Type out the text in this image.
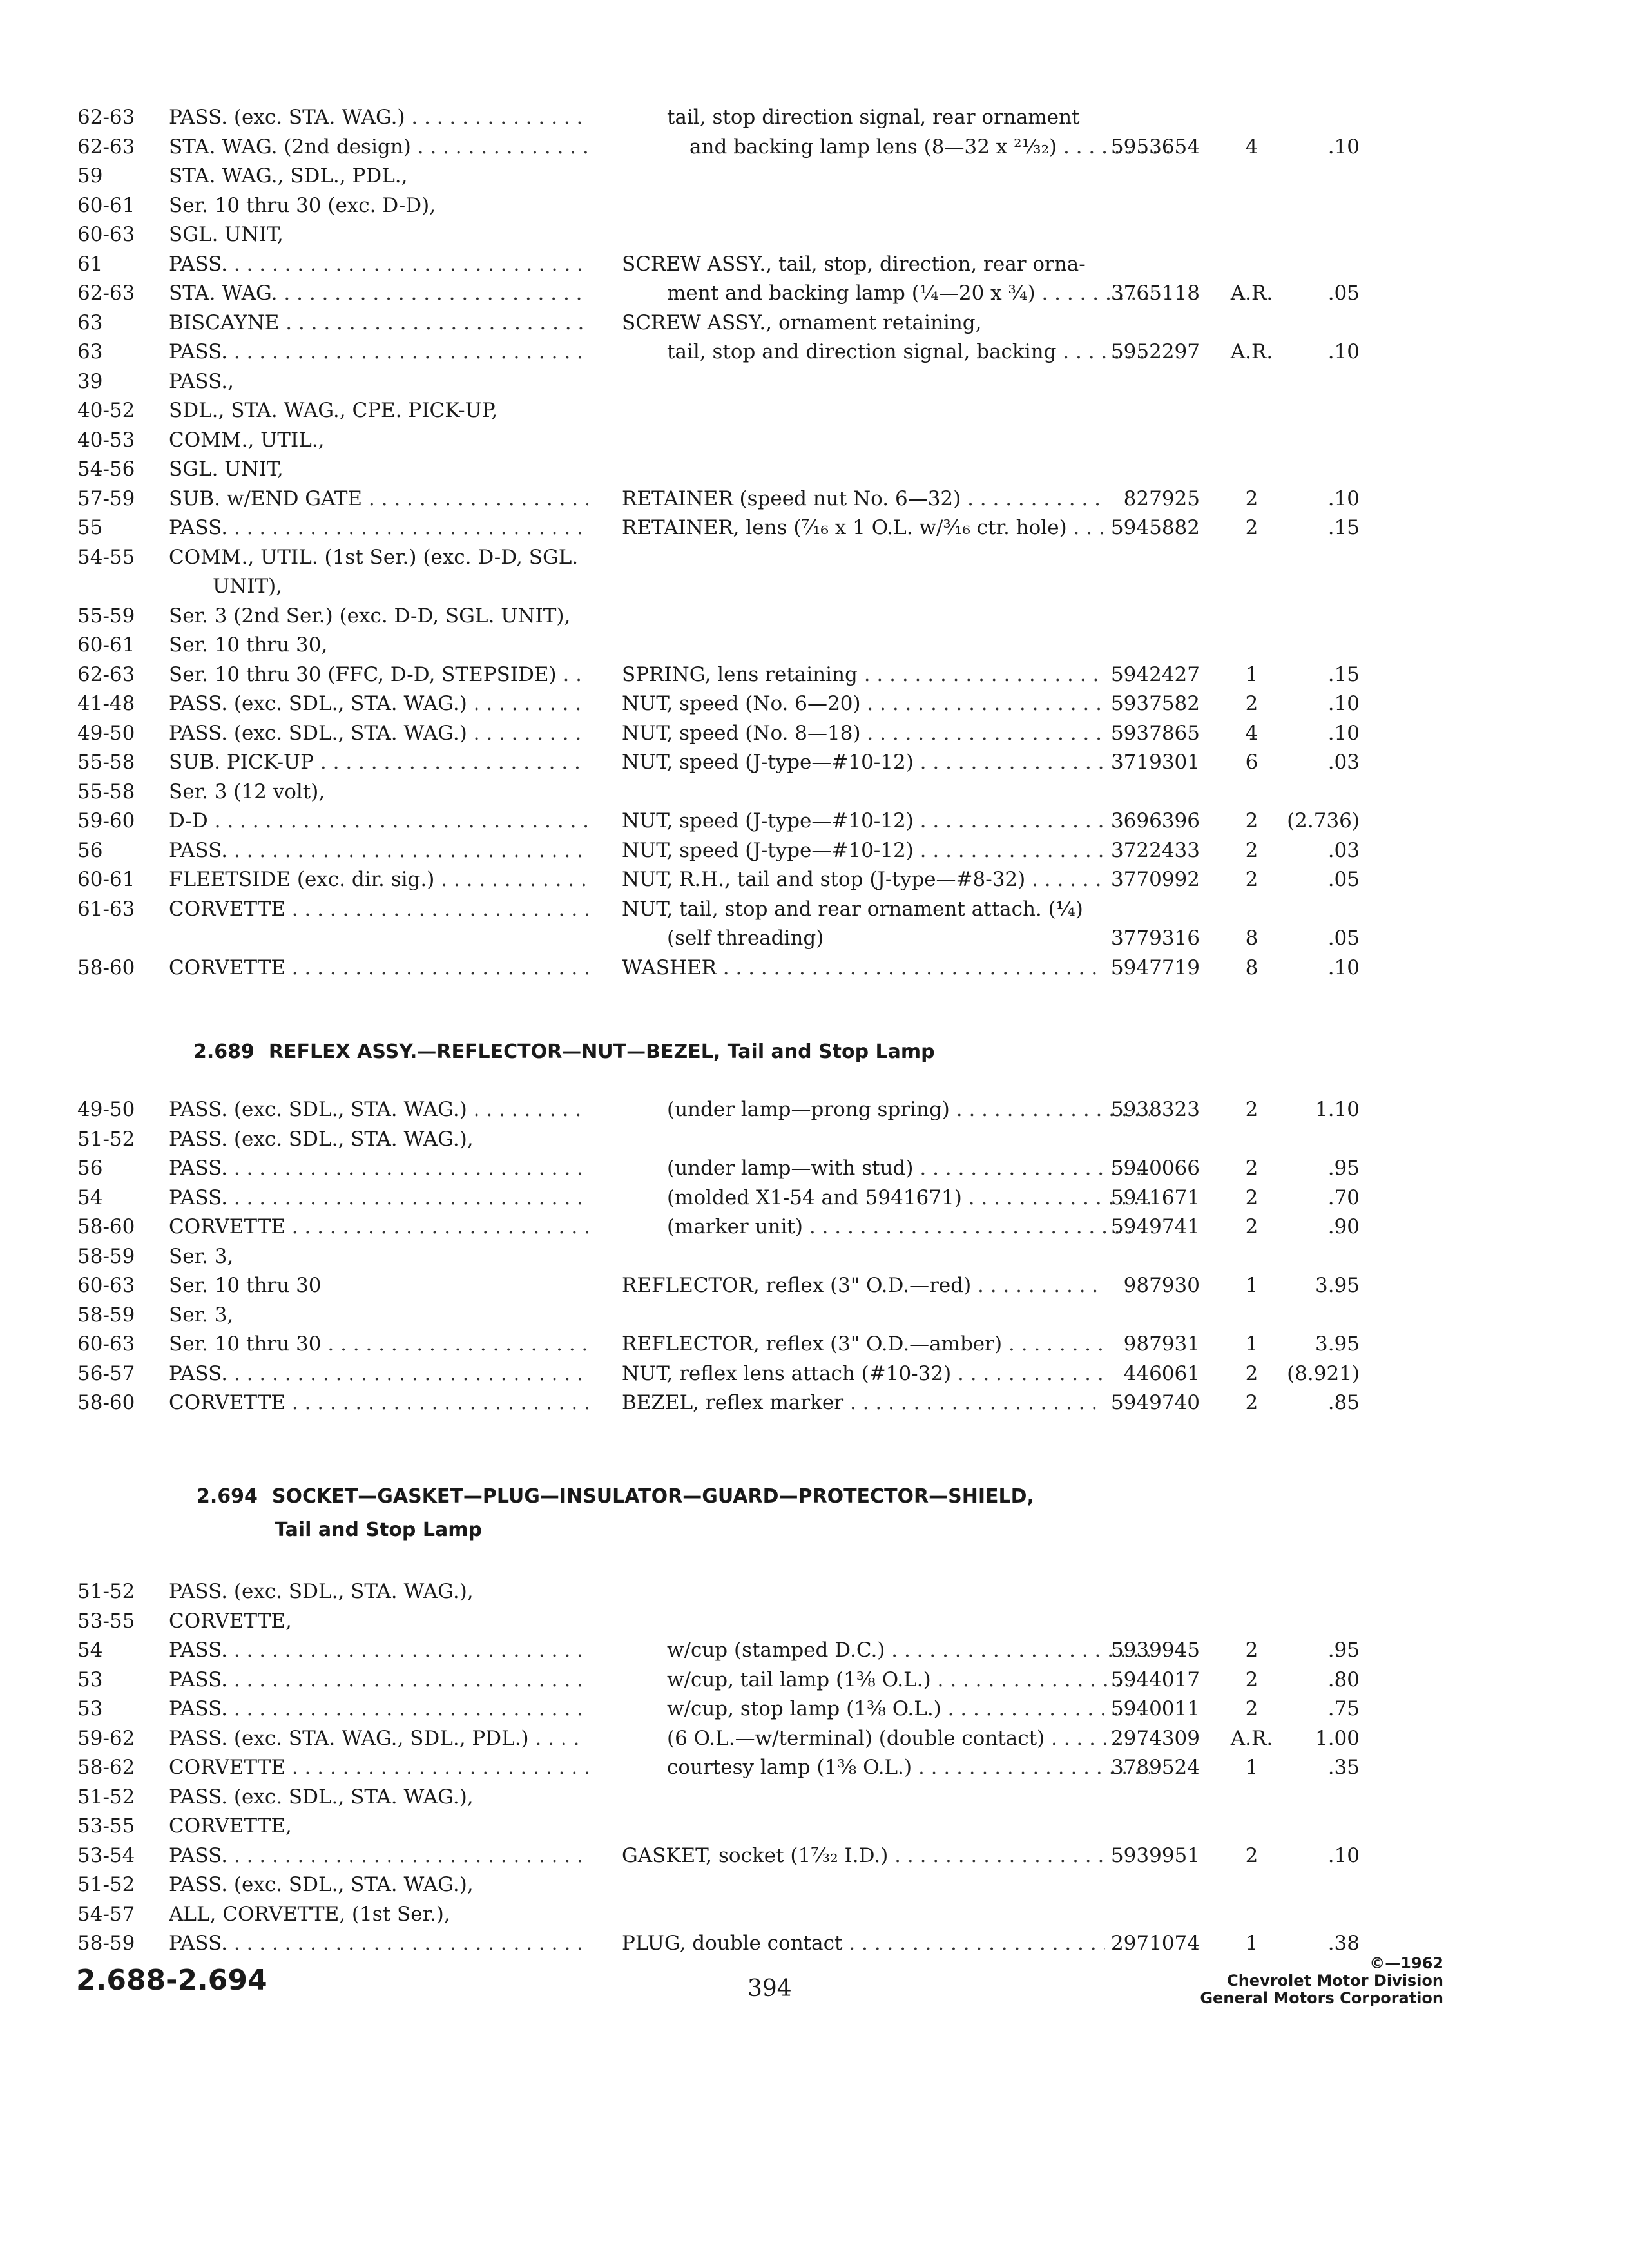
62-63	PASS. (exc. STA. WAG.) . . .	tail, stop direction signal, rear ornament
62-63	STA. WAG. (2nd design) . . .	and backing lamp lens (8—32 x ²¹⁄₃₂) . . .	5953654	4	.10
59	STA. WAG., SDL., PDL.,
60-61	Ser. 10 thru 30 (exc. D-D),
60-63	SGL. UNIT,
61	PASS. . . .	SCREW ASSY., tail, stop, direction, rear orna-
62-63	STA. WAG. . . .	ment and backing lamp (¼—20 x ¾) . . .	3765118	A.R.	.05
63	BISCAYNE . . .	SCREW ASSY., ornament retaining,
63	PASS. . . .	tail, stop and direction signal, backing . . .	5952297	A.R.	.10
39	PASS.,
40-52	SDL., STA. WAG., CPE. PICK-UP,
40-53	COMM., UTIL.,
54-56	SGL. UNIT,
57-59	SUB. w/END GATE . . .	RETAINER (speed nut No. 6—32) . . .	827925	2	.10
55	PASS. . . .	RETAINER, lens (⁷⁄₁₆ x 1 O.L. w/³⁄₁₆ ctr. hole) . . .	5945882	2	.15
54-55	COMM., UTIL. (1st Ser.) (exc. D-D, SGL.
UNIT),
55-59	Ser. 3 (2nd Ser.) (exc. D-D, SGL. UNIT),
60-61	Ser. 10 thru 30,
62-63	Ser. 10 thru 30 (FFC, D-D, STEPSIDE) . . .	SPRING, lens retaining . . .	5942427	1	.15
41-48	PASS. (exc. SDL., STA. WAG.) . . .	NUT, speed (No. 6—20) . . .	5937582	2	.10
49-50	PASS. (exc. SDL., STA. WAG.) . . .	NUT, speed (No. 8—18) . . .	5937865	4	.10
55-58	SUB. PICK-UP . . .	NUT, speed (J-type—#10-12) . . .	3719301	6	.03
55-58	Ser. 3 (12 volt),
59-60	D-D . . .	NUT, speed (J-type—#10-12) . . .	3696396	2	(2.736)
56	PASS. . . .	NUT, speed (J-type—#10-12) . . .	3722433	2	.03
60-61	FLEETSIDE (exc. dir. sig.) . . .	NUT, R.H., tail and stop (J-type—#8-32) . . .	3770992	2	.05
61-63	CORVETTE . . .	NUT, tail, stop and rear ornament attach. (¼)
(self threading)	3779316	8	.05
58-60	CORVETTE . . .	WASHER . . .	5947719	8	.10
2.689 REFLEX ASSY.—REFLECTOR—NUT—BEZEL, Tail and Stop Lamp
49-50	PASS. (exc. SDL., STA. WAG.) . . .	(under lamp—prong spring) . . .	5938323	2	1.10
51-52	PASS. (exc. SDL., STA. WAG.),
56	PASS. . . .	(under lamp—with stud) . . .	5940066	2	.95
54	PASS. . . .	(molded X1-54 and 5941671) . . .	5941671	2	.70
58-60	CORVETTE . . .	(marker unit) . . .	5949741	2	.90
58-59	Ser. 3,
60-63	Ser. 10 thru 30	REFLECTOR, reflex (3" O.D.—red) . . .	987930	1	3.95
58-59	Ser. 3,
60-63	Ser. 10 thru 30 . . .	REFLECTOR, reflex (3" O.D.—amber) . . .	987931	1	3.95
56-57	PASS. . . .	NUT, reflex lens attach (#10-32) . . .	446061	2	(8.921)
58-60	CORVETTE . . .	BEZEL, reflex marker . . .	5949740	2	.85
2.694 SOCKET—GASKET—PLUG—INSULATOR—GUARD—PROTECTOR—SHIELD,
Tail and Stop Lamp
51-52	PASS. (exc. SDL., STA. WAG.),
53-55	CORVETTE,
54	PASS. . . .	w/cup (stamped D.C.) . . .	5939945	2	.95
53	PASS. . . .	w/cup, tail lamp (1⅜ O.L.) . . .	5944017	2	.80
53	PASS. . . .	w/cup, stop lamp (1⅜ O.L.) . . .	5940011	2	.75
59-62	PASS. (exc. STA. WAG., SDL., PDL.) . . .	(6 O.L.—w/terminal) (double contact) . . .	2974309	A.R.	1.00
58-62	CORVETTE . . .	courtesy lamp (1⅜ O.L.) . . .	3789524	1	.35
51-52	PASS. (exc. SDL., STA. WAG.),
53-55	CORVETTE,
53-54	PASS. . . .	GASKET, socket (1⁷⁄₃₂ I.D.) . . .	5939951	2	.10
51-52	PASS. (exc. SDL., STA. WAG.),
54-57	ALL, CORVETTE, (1st Ser.),
58-59	PASS. . . .	PLUG, double contact . . .	2971074	1	.38
2.688-2.694	394
©—1962
Chevrolet Motor Division
General Motors Corporation
